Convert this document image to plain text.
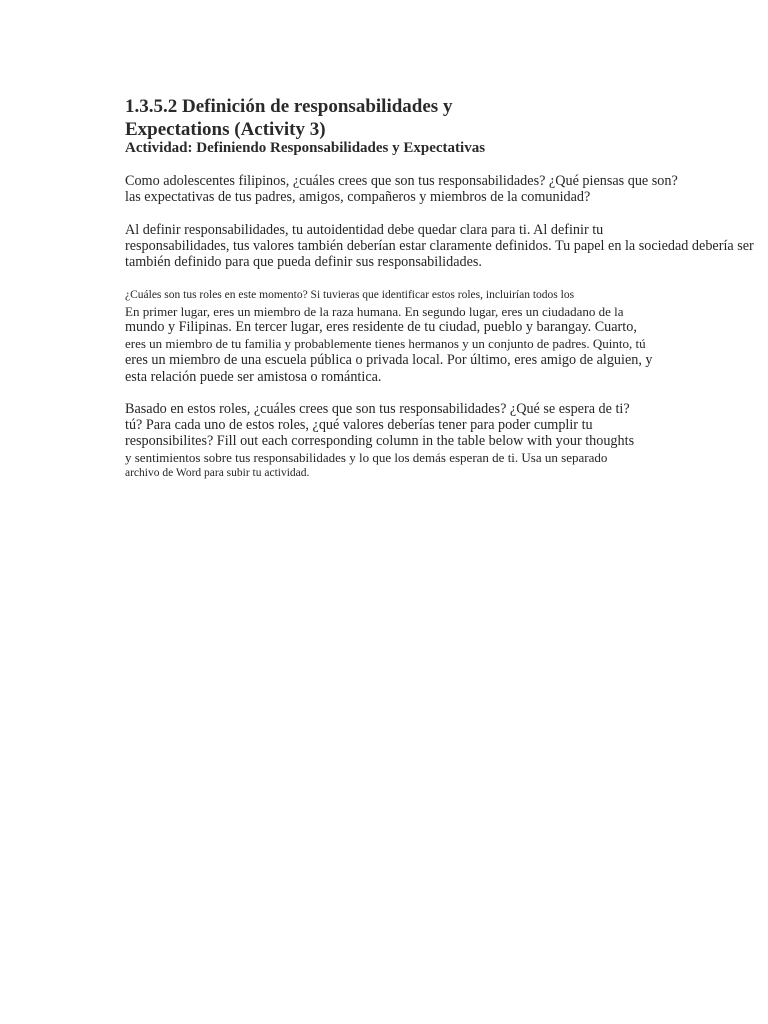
1.3.5.2 Definición de responsabilidades y
Expectations (Activity 3)
Actividad: Definiendo Responsabilidades y Expectativas
Como adolescentes filipinos, ¿cuáles crees que son tus responsabilidades? ¿Qué piensas que son?
las expectativas de tus padres, amigos, compañeros y miembros de la comunidad?
Al definir responsabilidades, tu autoidentidad debe quedar clara para ti. Al definir tu
responsabilidades, tus valores también deberían estar claramente definidos. Tu papel en la sociedad debería ser
también definido para que pueda definir sus responsabilidades.
¿Cuáles son tus roles en este momento? Si tuvieras que identificar estos roles, incluirían todos los
En primer lugar, eres un miembro de la raza humana. En segundo lugar, eres un ciudadano de la
mundo y Filipinas. En tercer lugar, eres residente de tu ciudad, pueblo y barangay. Cuarto,
eres un miembro de tu familia y probablemente tienes hermanos y un conjunto de padres. Quinto, tú
eres un miembro de una escuela pública o privada local. Por último, eres amigo de alguien, y
esta relación puede ser amistosa o romántica.
Basado en estos roles, ¿cuáles crees que son tus responsabilidades? ¿Qué se espera de ti?
tú? Para cada uno de estos roles, ¿qué valores deberías tener para poder cumplir tu
responsibilites? Fill out each corresponding column in the table below with your thoughts
y sentimientos sobre tus responsabilidades y lo que los demás esperan de ti. Usa un separado
archivo de Word para subir tu actividad.
